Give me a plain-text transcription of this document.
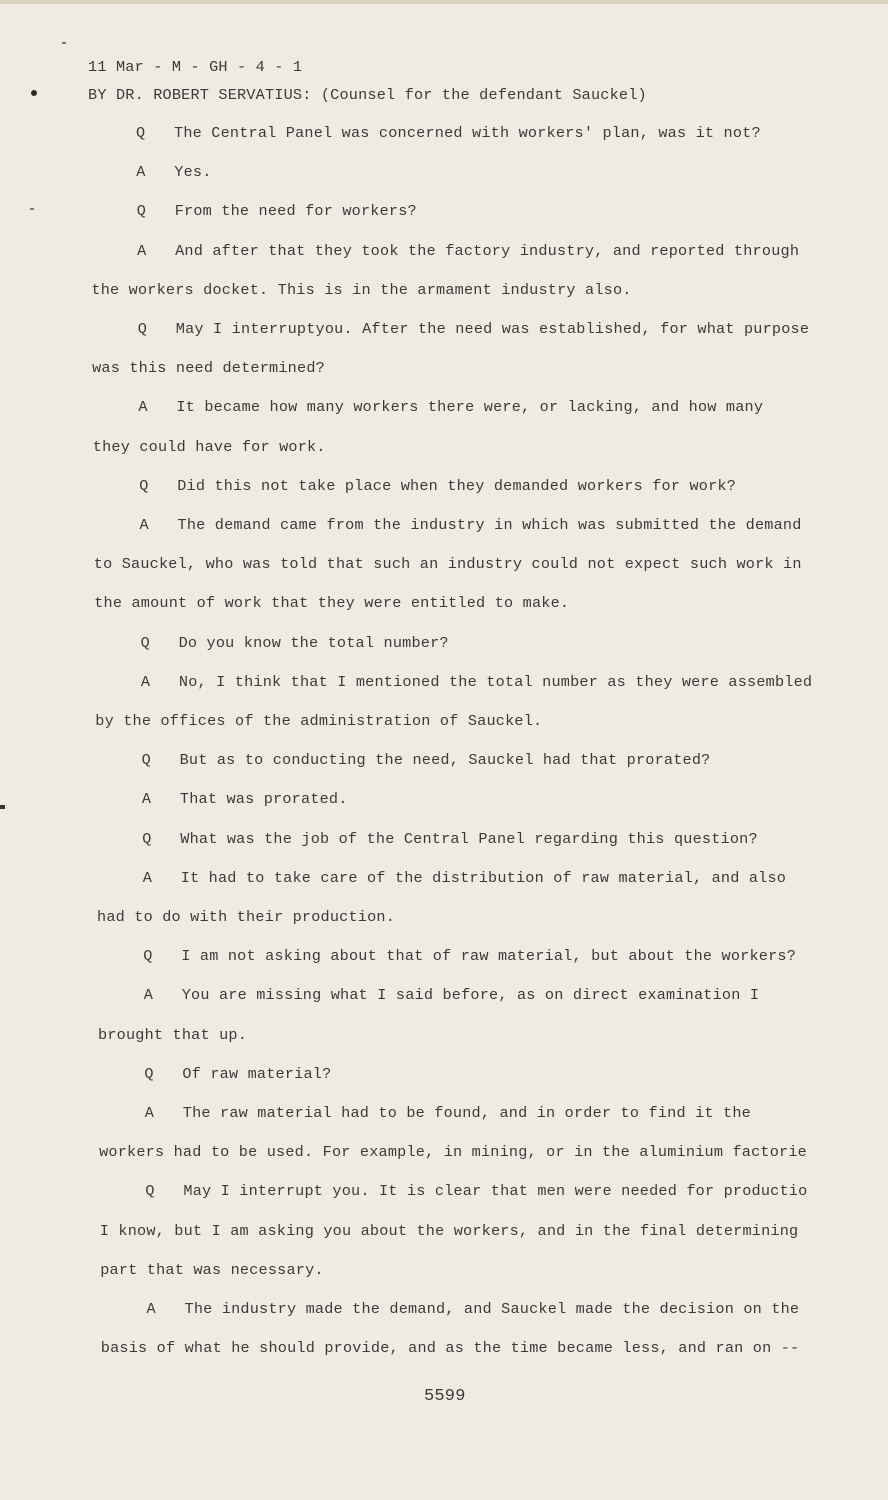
11 Mar - M - GH - 4 - 1
BY DR. ROBERT SERVATIUS: (Counsel for the defendant Sauckel)
Q The Central Panel was concerned with workers' plan, was it not?
A Yes.
Q From the need for workers?
A And after that they took the factory industry, and reported through
the workers docket. This is in the armament industry also.
Q May I interruptyou. After the need was established, for what purpose
was this need determined?
A It became how many workers there were, or lacking, and how many
they could have for work.
Q Did this not take place when they demanded workers for work?
A The demand came from the industry in which was submitted the demand
to Sauckel, who was told that such an industry could not expect such work in
the amount of work that they were entitled to make.
Q Do you know the total number?
A No, I think that I mentioned the total number as they were assembled
by the offices of the administration of Sauckel.
Q But as to conducting the need, Sauckel had that prorated?
A That was prorated.
Q What was the job of the Central Panel regarding this question?
A It had to take care of the distribution of raw material, and also
had to do with their production.
Q I am not asking about that of raw material, but about the workers?
A You are missing what I said before, as on direct examination I
brought that up.
Q Of raw material?
A The raw material had to be found, and in order to find it the
workers had to be used. For example, in mining, or in the aluminium factorie
Q May I interrupt you. It is clear that men were needed for productio
I know, but I am asking you about the workers, and in the final determining
part that was necessary.
A The industry made the demand, and Sauckel made the decision on the
basis of what he should provide, and as the time became less, and ran on --
5599
